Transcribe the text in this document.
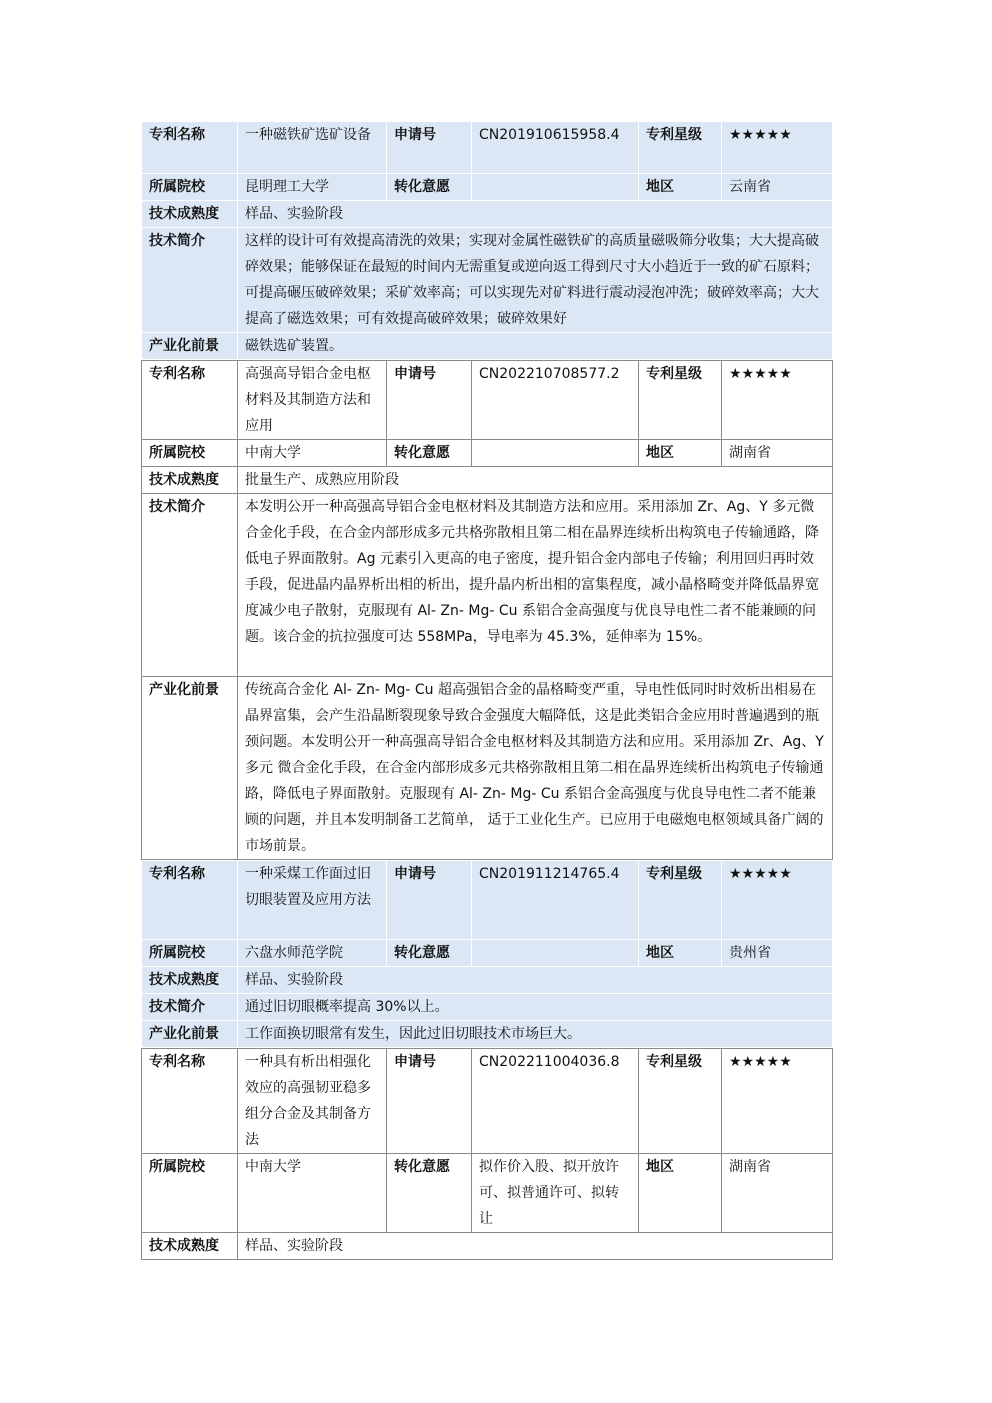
专利名称	一种磁铁矿选矿设备	申请号	CN201910615958.4	专利星级	★★★★★
所属院校	昆明理工大学	转化意愿		地区	云南省
技术成熟度	样品、实验阶段				
技术简介	这样的设计可有效提高清洗的效果；实现对金属性磁铁矿的高质量磁吸筛分收集；大大提高破碎效果；能够保证在最短的时间内无需重复或逆向返工得到尺寸大小趋近于一致的矿石原料；可提高碾压破碎效果；采矿效率高；可以实现先对矿料进行震动浸泡冲洗；破碎效率高；大大提高了磁选效果；可有效提高破碎效果；破碎效果好				
产业化前景	磁铁选矿装置。				
专利名称	高强高导铝合金电枢材料及其制造方法和应用	申请号	CN202210708577.2	专利星级	★★★★★
所属院校	中南大学	转化意愿		地区	湖南省
技术成熟度	批量生产、成熟应用阶段				
技术简介	本发明公开一种高强高导铝合金电枢材料及其制造方法和应用。采用添加 Zr、Ag、Y 多元微合金化手段，在合金内部形成多元共格弥散相且第二相在晶界连续析出构筑电子传输通路，降低电子界面散射。Ag 元素引入更高的电子密度，提升铝合金内部电子传输；利用回归再时效手段，促进晶内晶界析出相的析出，提升晶内析出相的富集程度，减小晶格畸变并降低晶界宽度减少电子散射，克服现有 Al‑ Zn‑ Mg‑ Cu 系铝合金高强度与优良导电性二者不能兼顾的问题。该合金的抗拉强度可达 558MPa，导电率为 45.3%，延伸率为 15%。				
产业化前景	传统高合金化 Al‑ Zn‑ Mg‑ Cu 超高强铝合金的晶格畸变严重，导电性低同时时效析出相易在晶界富集，会产生沿晶断裂现象导致合金强度大幅降低，这是此类铝合金应用时普遍遇到的瓶颈问题。本发明公开一种高强高导铝合金电枢材料及其制造方法和应用。采用添加 Zr、Ag、Y 多元 微合金化手段，在合金内部形成多元共格弥散相且第二相在晶界连续析出构筑电子传输通路，降低电子界面散射。克服现有 Al‑ Zn‑ Mg‑ Cu 系铝合金高强度与优良导电性二者不能兼顾的问题，并且本发明制备工艺简单， 适于工业化生产。已应用于电磁炮电枢领域具备广阔的市场前景。				
专利名称	一种采煤工作面过旧切眼装置及应用方法	申请号	CN201911214765.4	专利星级	★★★★★
所属院校	六盘水师范学院	转化意愿		地区	贵州省
技术成熟度	样品、实验阶段				
技术简介	通过旧切眼概率提高 30%以上。				
产业化前景	工作面换切眼常有发生，因此过旧切眼技术市场巨大。				
专利名称	一种具有析出相强化效应的高强韧亚稳多组分合金及其制备方法	申请号	CN202211004036.8	专利星级	★★★★★
所属院校	中南大学	转化意愿	拟作价入股、拟开放许可、拟普通许可、拟转让	地区	湖南省
技术成熟度	样品、实验阶段				
